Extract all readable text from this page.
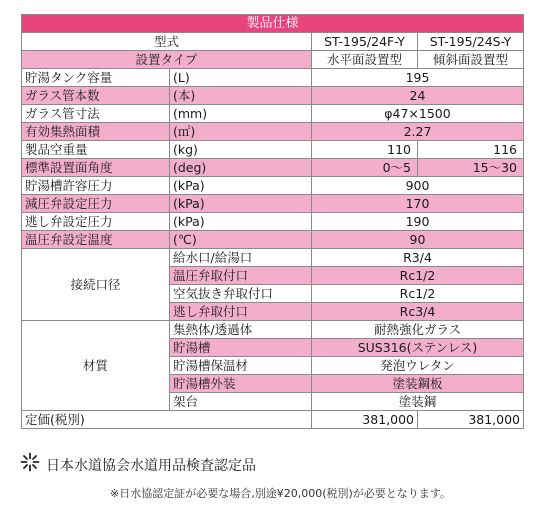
製品仕様			
型式		ST-195/24F-Y	ST-195/24S-Y
設置タイプ		水平面設置型	傾斜面設置型
貯湯タンク容量	(L)	195	
ガラス管本数	(本)	24	
ガラス管寸法	(mm)	φ47×1500	
有効集熱面積	(㎡)	2.27	
製品空重量	(kg)	110	116
標準設置面角度	(deg)	0〜5	15〜30
貯湯槽許容圧力	(kPa)	900	
減圧弁設定圧力	(kPa)	170	
逃し弁設定圧力	(kPa)	190	
温圧弁設定温度	(℃)	90	
接続口径	給水口/給湯口	R3/4	
	温圧弁取付口	Rc1/2	
	空気抜き弁取付口	Rc1/2	
	逃し弁取付口	Rc3/4	
材質	集熱体/透過体	耐熱強化ガラス	
	貯湯槽	SUS316(ステンレス)	
	貯湯槽保温材	発泡ウレタン	
	貯湯槽外装	塗装鋼板	
	架台	塗装鋼	
定価(税別)		381,000	381,000
日本水道協会水道用品検査認定品
※日水協認定証が必要な場合,別途¥20,000(税別)が必要となります。
